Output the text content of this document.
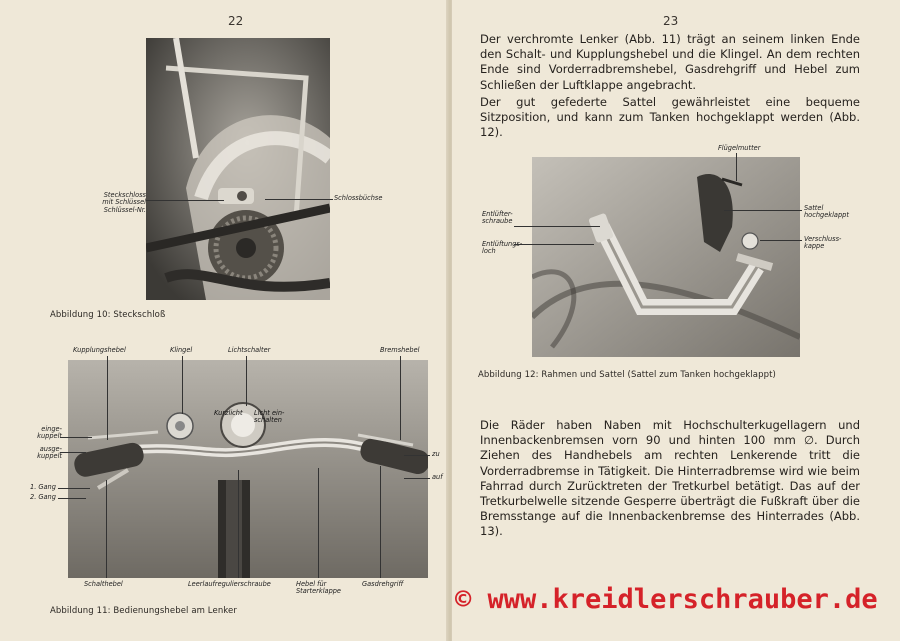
22
Steckschloss mit Schlüssel Schlüssel-Nr.
Schlossbüchse
Abbildung 10: Steckschloß
Kupplungshebel	Klingel	Lichtschalter	Bremshebel
einge-kuppelt
ausge-kuppelt
1. Gang
2. Gang
zu
auf
Kurzlicht	Licht ein-schalten
Schalthebel	Leerlaufregulierschraube	Hebel für Starterklappe
Gasdrehgriff
Abbildung 11: Bedienungshebel am Lenker
23
Der verchromte Lenker (Abb. 11) trägt an seinem linken Ende den Schalt- und Kupplungshebel und die Klingel. An dem rechten Ende sind Vorderradbremshebel, Gasdrehgriff und Hebel zum Schließen der Luftklappe angebracht.
Der gut gefederte Sattel gewährleistet eine bequeme Sitzposition, und kann zum Tanken hochgeklappt werden (Abb. 12).
Flügelmutter
Entlüfter-schraube
Entlüftungs-loch
Sattel hochgeklappt
Verschluss-kappe
Abbildung 12: Rahmen und Sattel (Sattel zum Tanken hochgeklappt)
Die Räder haben Naben mit Hochschulterkugellagern und Innenbackenbremsen vorn 90 und hinten 100 mm ∅. Durch Ziehen des Handhebels am rechten Lenkerende tritt die Vorderradbremse in Tätigkeit. Die Hinterradbremse wird wie beim Fahrrad durch Zurücktreten der Tretkurbel betätigt. Das auf der Tretkurbelwelle sitzende Gesperre überträgt die Fußkraft über die Bremsstange auf die Innenbackenbremse des Hinterrades (Abb. 13).
© www.kreidlerschrauber.de
